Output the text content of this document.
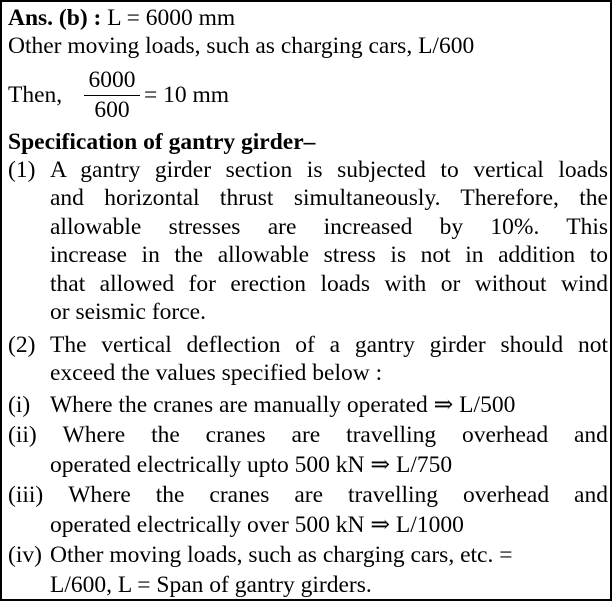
Ans. (b) : L = 6000 mm
Other moving loads, such as charging cars, L/600
Then,
6000
600
= 10 mm
Specification of gantry girder–
(1) A gantry girder section is subjected to vertical loads
and horizontal thrust simultaneously. Therefore, the
allowable stresses are increased by 10%. This
increase in the allowable stress is not in addition to
that allowed for erection loads with or without wind
or seismic force.
(2) The vertical deflection of a gantry girder should not
exceed the values specified below :
(i) Where the cranes are manually operated ⇒ L/500
(ii) Where the cranes are travelling overhead and
operated electrically upto 500 kN ⇒ L/750
(iii) Where the cranes are travelling overhead and
operated electrically over 500 kN ⇒ L/1000
(iv) Other moving loads, such as charging cars, etc. =
L/600, L = Span of gantry girders.
